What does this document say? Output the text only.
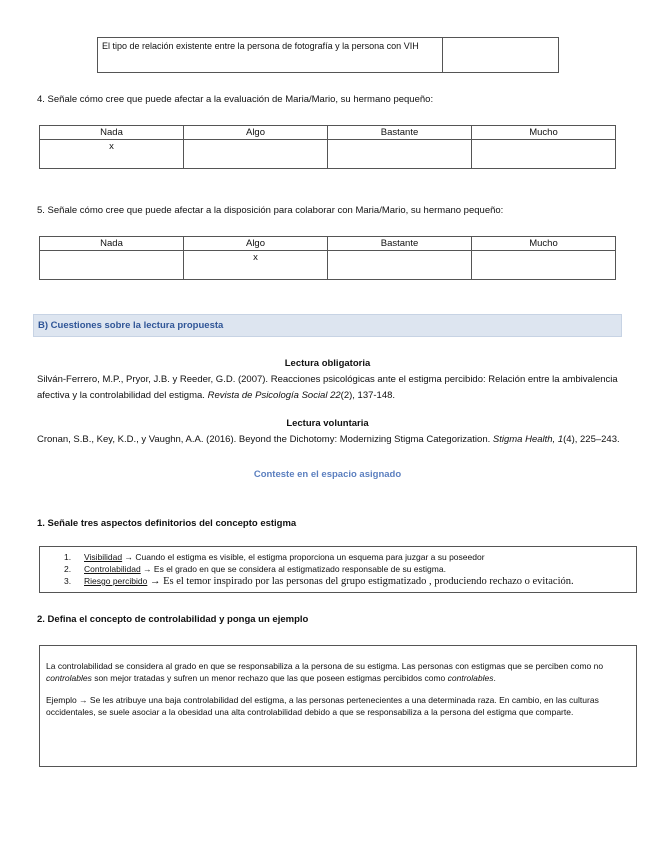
El tipo de relación existente entre la persona de fotografía y la persona con VIH	
4. Señale cómo cree que puede afectar a la evaluación de Maria/Mario, su hermano pequeño:
Nada	Algo	Bastante	Mucho
x			
5. Señale cómo cree que puede afectar a la disposición para colaborar con Maria/Mario, su hermano pequeño:
Nada	Algo	Bastante	Mucho
	x		
B) Cuestiones sobre la lectura propuesta
Lectura obligatoria
Silván-Ferrero, M.P., Pryor, J.B. y Reeder, G.D. (2007). Reacciones psicológicas ante el estigma percibido: Relación entre la ambivalencia afectiva y la controlabilidad del estigma. Revista de Psicología Social 22(2), 137-148.
Lectura voluntaria
Cronan, S.B., Key, K.D., y Vaughn, A.A. (2016). Beyond the Dichotomy: Modernizing Stigma Categorization. Stigma Health, 1(4), 225–243.
Conteste en el espacio asignado
1. Señale tres aspectos definitorios del concepto estigma
1. Visibilidad → Cuando el estigma es visible, el estigma proporciona un esquema para juzgar a su poseedor
2. Controlabilidad → Es el grado en que se considera al estigmatizado responsable de su estigma.
3. Riesgo percibido → Es el temor inspirado por las personas del grupo estigmatizado , produciendo rechazo o evitación.
2. Defina el concepto de controlabilidad y ponga un ejemplo

La controlabilidad se considera al grado en que se responsabiliza a la persona de su estigma. Las personas con estigmas que se perciben como no controlables son mejor tratadas y sufren un menor rechazo que las que poseen estigmas percibidos como controlables.

Ejemplo → Se les atribuye una baja controlabilidad del estigma, a las personas pertenecientes a una determinada raza. En cambio, en las culturas occidentales, se suele asociar a la obesidad una alta controlabilidad debido a que se responsabiliza a la persona del estigma que comparte.
